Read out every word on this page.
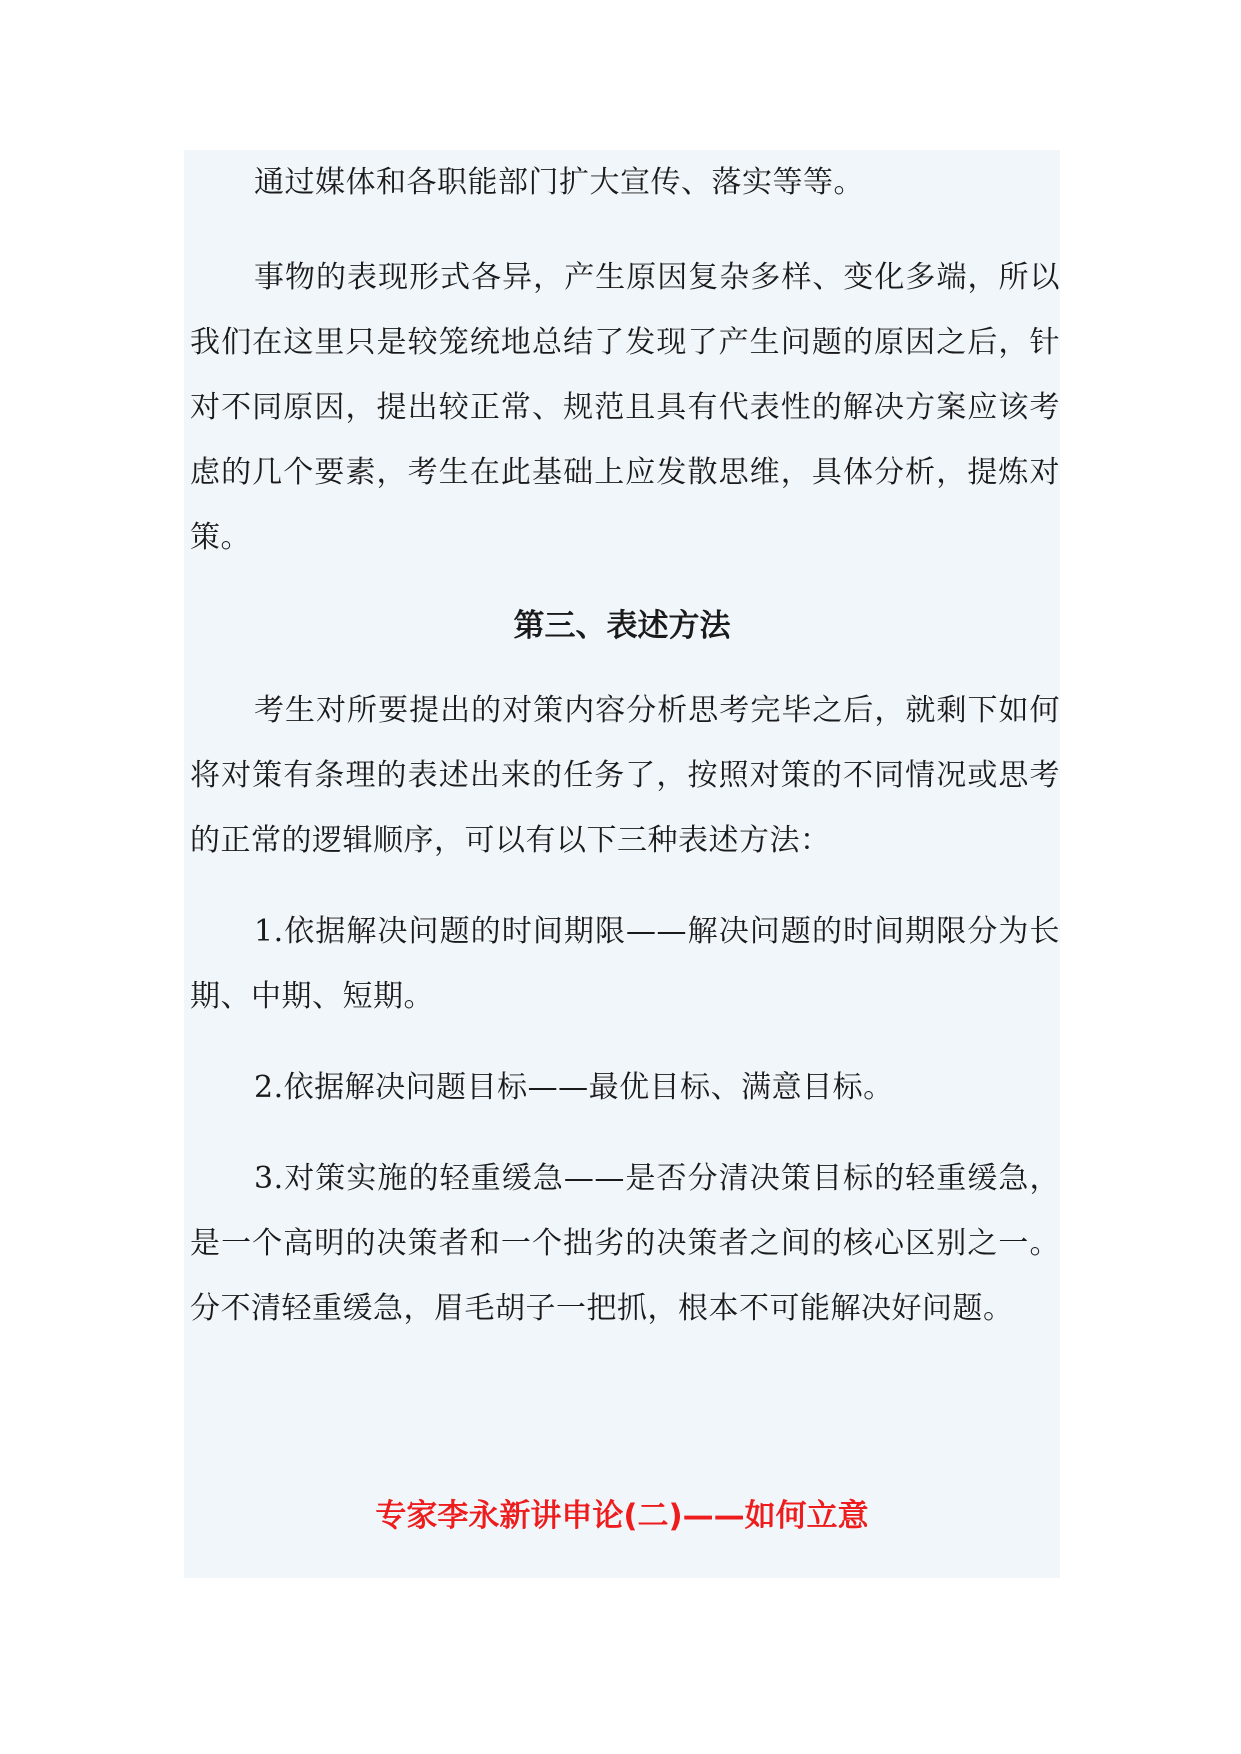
通过媒体和各职能部门扩大宣传、落实等等。

事物的表现形式各异，产生原因复杂多样、变化多端，所以我们在这里只是较笼统地总结了发现了产生问题的原因之后，针对不同原因，提出较正常、规范且具有代表性的解决方案应该考虑的几个要素，考生在此基础上应发散思维，具体分析，提炼对策。

第三、表述方法

考生对所要提出的对策内容分析思考完毕之后，就剩下如何将对策有条理的表述出来的任务了，按照对策的不同情况或思考的正常的逻辑顺序，可以有以下三种表述方法：

1.依据解决问题的时间期限——解决问题的时间期限分为长期、中期、短期。

2.依据解决问题目标——最优目标、满意目标。

3.对策实施的轻重缓急——是否分清决策目标的轻重缓急，是一个高明的决策者和一个拙劣的决策者之间的核心区别之一。分不清轻重缓急，眉毛胡子一把抓，根本不可能解决好问题。

专家李永新讲申论(二)——如何立意
